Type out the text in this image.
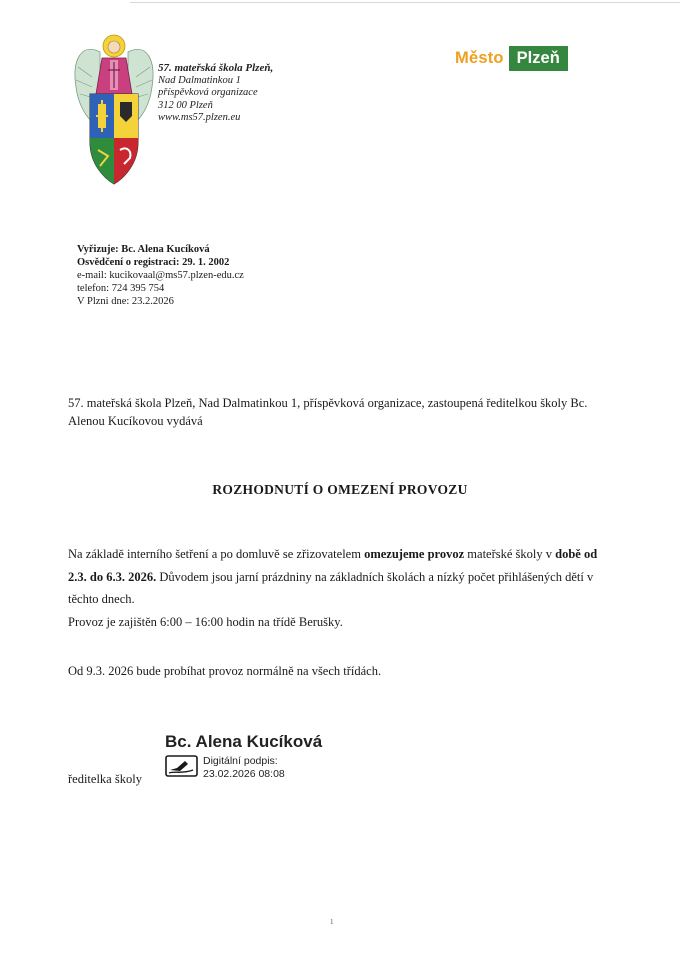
57. mateřská škola Plzeň,
Nad Dalmatinkou 1
příspěvková organizace
312 00 Plzeň
www.ms57.plzen.eu
Město Plzeň
Vyřizuje: Bc. Alena Kucíková
Osvědčení o registraci: 29. 1. 2002
e-mail: kucikovaal@ms57.plzen-edu.cz
telefon: 724 395 754
V Plzni dne: 23.2.2026
57. mateřská škola Plzeň, Nad Dalmatinkou 1, příspěvková organizace, zastoupená ředitelkou školy Bc. Alenou Kucíkovou vydává
ROZHODNUTÍ O OMEZENÍ PROVOZU
Na základě interního šetření a po domluvě se zřizovatelem omezujeme provoz mateřské školy v době od 2.3. do 6.3. 2026. Důvodem jsou jarní prázdniny na základních školách a nízký počet přihlášených dětí v těchto dnech.
Provoz je zajištěn 6:00 – 16:00 hodin na třídě Berušky.
Od 9.3. 2026 bude probíhat provoz normálně na všech třídách.
Bc. Alena Kucíková
Digitální podpis:
23.02.2026 08:08
ředitelka školy
1
